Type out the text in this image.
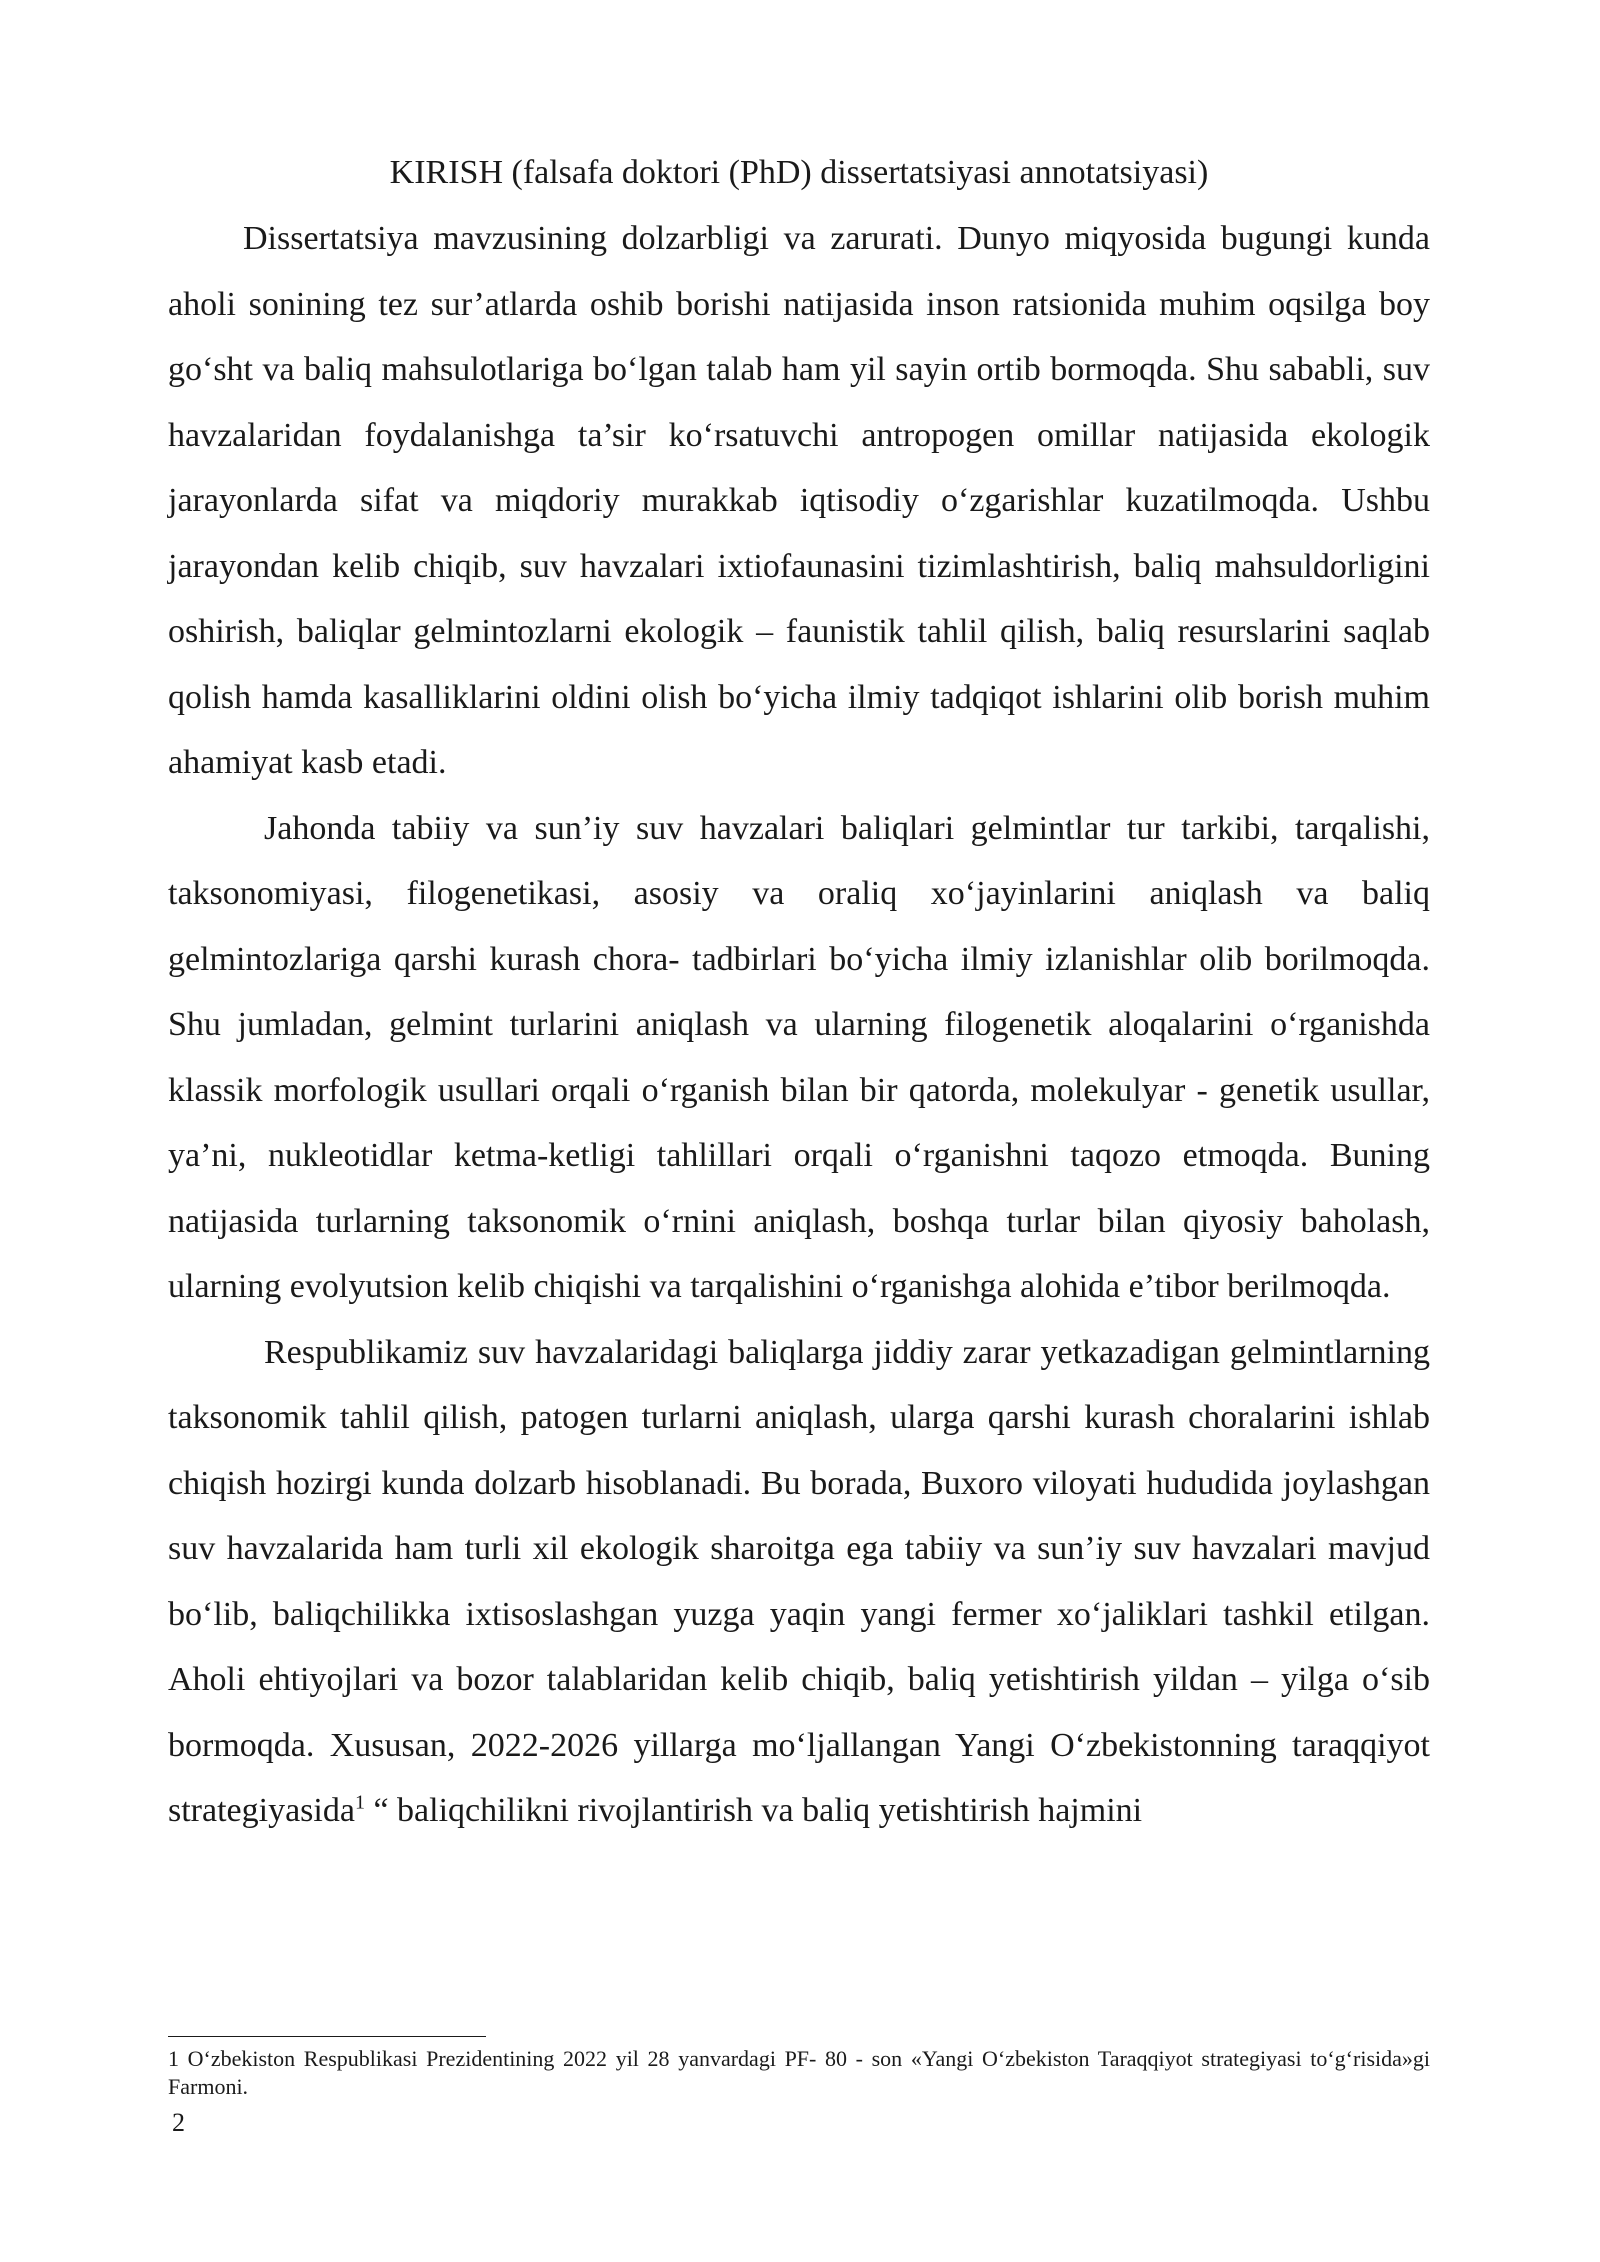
KIRISH (falsafa doktori (PhD) dissertatsiyasi annotatsiyasi)

Dissertatsiya mavzusining dolzarbligi va zarurati. Dunyo miqyosida bugungi kunda aholi sonining tez sur’atlarda oshib borishi natijasida inson ratsionida muhim oqsilga boy go‘sht va baliq mahsulotlariga bo‘lgan talab ham yil sayin ortib bormoqda. Shu sababli, suv havzalaridan foydalanishga ta’sir ko‘rsatuvchi antropogen omillar natijasida ekologik jarayonlarda sifat va miqdoriy murakkab iqtisodiy o‘zgarishlar kuzatilmoqda. Ushbu jarayondan kelib chiqib, suv havzalari ixtiofaunasini tizimlashtirish, baliq mahsuldorligini oshirish, baliqlar gelmintozlarni ekologik – faunistik tahlil qilish, baliq resurslarini saqlab qolish hamda kasalliklarini oldini olish bo‘yicha ilmiy tadqiqot ishlarini olib borish muhim ahamiyat kasb etadi.

Jahonda tabiiy va sun’iy suv havzalari baliqlari gelmintlar tur tarkibi, tarqalishi, taksonomiyasi, filogenetikasi, asosiy va oraliq xo‘jayinlarini aniqlash va baliq gelmintozlariga qarshi kurash chora- tadbirlari bo‘yicha ilmiy izlanishlar olib borilmoqda. Shu jumladan, gelmint turlarini aniqlash va ularning filogenetik aloqalarini o‘rganishda klassik morfologik usullari orqali o‘rganish bilan bir qatorda, molekulyar - genetik usullar, ya’ni, nukleotidlar ketma-ketligi tahlillari orqali o‘rganishni taqozo etmoqda. Buning natijasida turlarning taksonomik o‘rnini aniqlash, boshqa turlar bilan qiyosiy baholash, ularning evolyutsion kelib chiqishi va tarqalishini o‘rganishga alohida e’tibor berilmoqda.

Respublikamiz suv havzalaridagi baliqlarga jiddiy zarar yetkazadigan gelmintlarning taksonomik tahlil qilish, patogen turlarni aniqlash, ularga qarshi kurash choralarini ishlab chiqish hozirgi kunda dolzarb hisoblanadi. Bu borada, Buxoro viloyati hududida joylashgan suv havzalarida ham turli xil ekologik sharoitga ega tabiiy va sun’iy suv havzalari mavjud bo‘lib, baliqchilikka ixtisoslashgan yuzga yaqin yangi fermer xo‘jaliklari tashkil etilgan. Aholi ehtiyojlari va bozor talablaridan kelib chiqib, baliq yetishtirish yildan – yilga o‘sib bormoqda. Xususan, 2022-2026 yillarga mo‘ljallangan Yangi O‘zbekistonning taraqqiyot strategiyasida$^1$ “ baliqchilikni rivojlantirish va baliq yetishtirish hajmini

1 O‘zbekiston Respublikasi Prezidentining 2022 yil 28 yanvardagi PF- 80 - son «Yangi O‘zbekiston Taraqqiyot strategiyasi to‘g‘risida»gi Farmoni.

2
